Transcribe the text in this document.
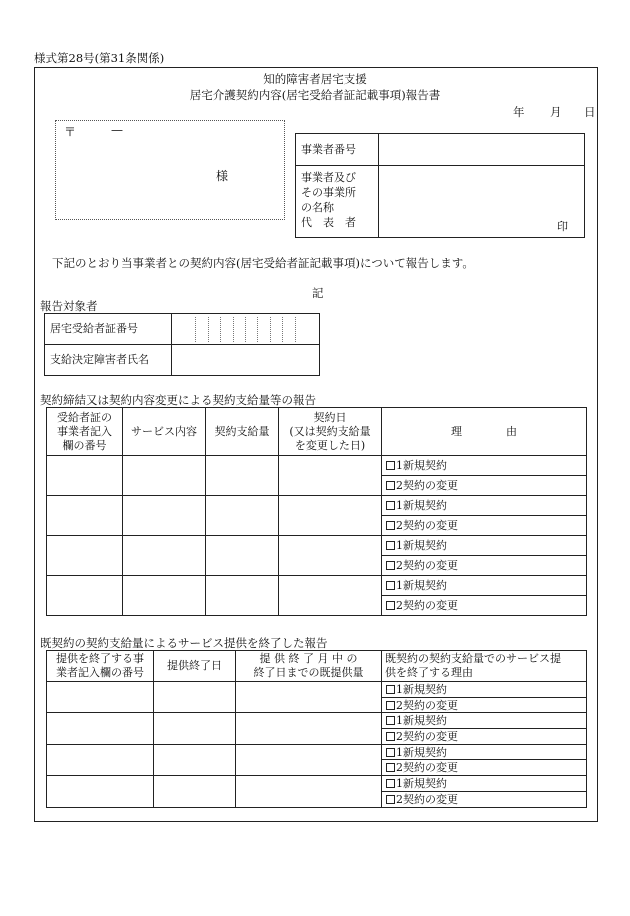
様式第28号(第31条関係)
知的障害者居宅支援
居宅介護契約内容(居宅受給者証記載事項)報告書
年 月 日
〒	—
様
事業者番号	

事業者及び
その事業所
の名称
代　表　者	印
下記のとおり当事業者との契約内容(居宅受給者証記載事項)について報告します。
記
報告対象者
居宅受給者証番号	

支給決定障害者氏名	
契約締結又は契約内容変更による契約支給量等の報告
受給者証の
事業者記入
欄の番号	サービス内容	契約支給量	契約日
(又は契約支給量
を変更した日)	理　　　　由
				1新規契約
				2契約の変更
				1新規契約
				2契約の変更
				1新規契約
				2契約の変更
				1新規契約
				2契約の変更
既契約の契約支給量によるサービス提供を終了した報告
提供を終了する事
業者記入欄の番号	提供終了日	提 供 終 了 月 中 の
終了日までの既提供量	既契約の契約支給量でのサービス提
供を終了する理由
			1新規契約
			2契約の変更
			1新規契約
			2契約の変更
			1新規契約
			2契約の変更
			1新規契約
			2契約の変更
